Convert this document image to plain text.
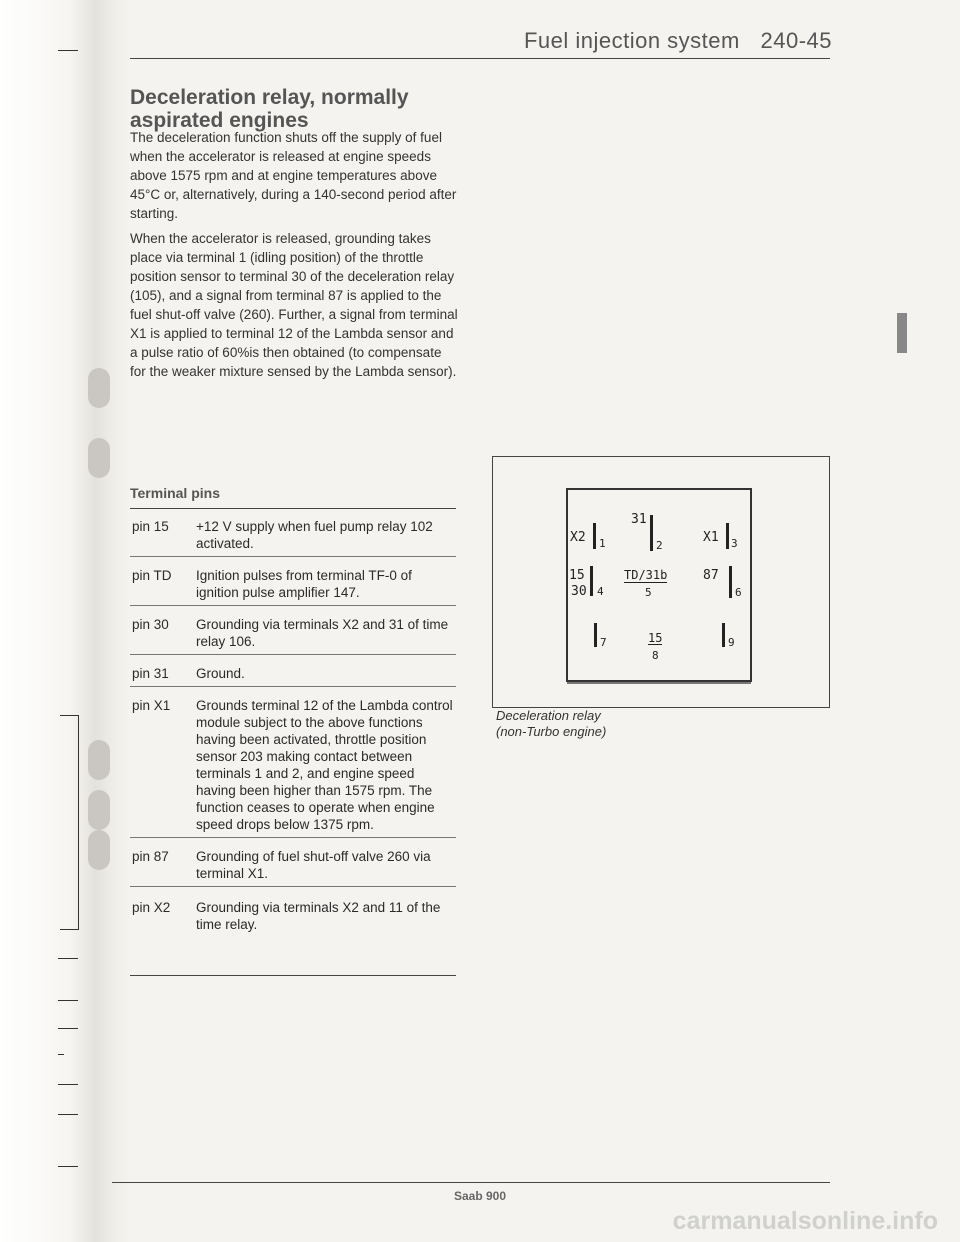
Fuel injection system 240-45
Deceleration relay, normally aspirated engines

The deceleration function shuts off the supply of fuel when the accelerator is released at engine speeds above 1575 rpm and at engine temperatures above 45°C or, alternatively, during a 140-second period after starting.

When the accelerator is released, grounding takes place via terminal 1 (idling position) of the throttle position sensor to terminal 30 of the deceleration relay (105), and a signal from terminal 87 is applied to the fuel shut-off valve (260). Further, a signal from terminal X1 is applied to terminal 12 of the Lambda sensor and a pulse ratio of 60%is then obtained (to compensate for the weaker mixture sensed by the Lambda sensor).

Terminal pins
pin 15	+12 V supply when fuel pump relay 102 activated.
pin TD	Ignition pulses from terminal TF-0 of ignition pulse amplifier 147.
pin 30	Grounding via terminals X2 and 31 of time relay 106.
pin 31	Ground.
pin X1	Grounds terminal 12 of the Lambda control module subject to the above functions having been activated, throttle position sensor 203 making contact between terminals 1 and 2, and engine speed having been higher than 1575 rpm. The function ceases to operate when engine speed drops below 1375 rpm.
pin 87	Grounding of fuel shut-off valve 260 via terminal X1.
pin X2	Grounding via terminals X2 and 11 of the time relay.
X2 1
31
2
X1 3
15
30 4
TD/31b
5
87
6
7	15
8
9
Deceleration relay
(non-Turbo engine)
Saab 900
carmanualsonline.info
